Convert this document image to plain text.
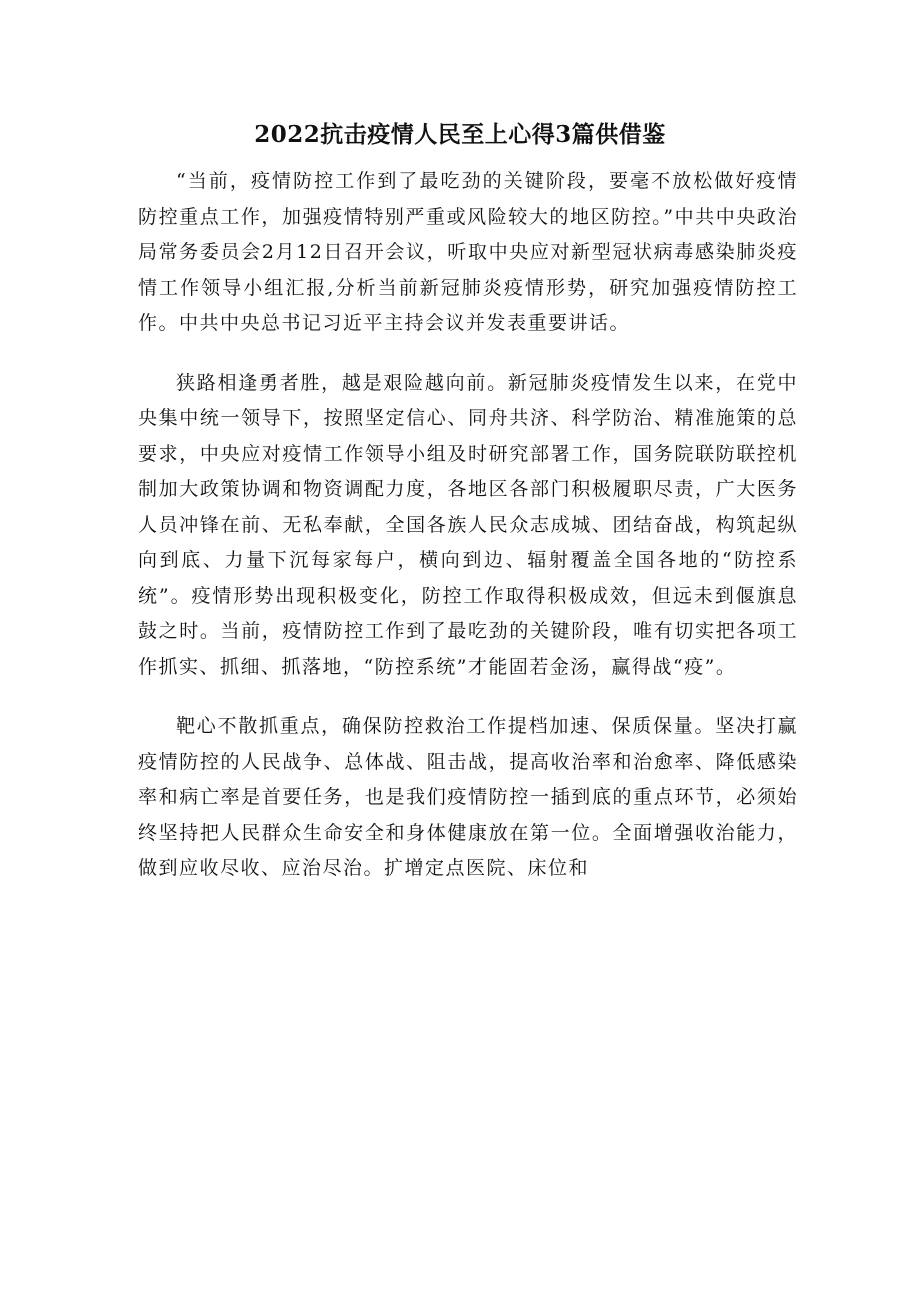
2022抗击疫情人民至上心得3篇供借鉴

“当前，疫情防控工作到了最吃劲的关键阶段，要毫不放松做好疫情防控重点工作，加强疫情特别严重或风险较大的地区防控。”中共中央政治局常务委员会2月12日召开会议，听取中央应对新型冠状病毒感染肺炎疫情工作领导小组汇报,分析当前新冠肺炎疫情形势，研究加强疫情防控工作。中共中央总书记习近平主持会议并发表重要讲话。

狭路相逢勇者胜，越是艰险越向前。新冠肺炎疫情发生以来，在党中央集中统一领导下，按照坚定信心、同舟共济、科学防治、精准施策的总要求，中央应对疫情工作领导小组及时研究部署工作，国务院联防联控机制加大政策协调和物资调配力度，各地区各部门积极履职尽责，广大医务人员冲锋在前、无私奉献，全国各族人民众志成城、团结奋战，构筑起纵向到底、力量下沉每家每户，横向到边、辐射覆盖全国各地的“防控系统”。疫情形势出现积极变化，防控工作取得积极成效，但远未到偃旗息鼓之时。当前，疫情防控工作到了最吃劲的关键阶段，唯有切实把各项工作抓实、抓细、抓落地，“防控系统”才能固若金汤，赢得战“疫”。

靶心不散抓重点，确保防控救治工作提档加速、保质保量。坚决打赢疫情防控的人民战争、总体战、阻击战，提高收治率和治愈率、降低感染率和病亡率是首要任务，也是我们疫情防控一插到底的重点环节，必须始终坚持把人民群众生命安全和身体健康放在第一位。全面增强收治能力，做到应收尽收、应治尽治。扩增定点医院、床位和
